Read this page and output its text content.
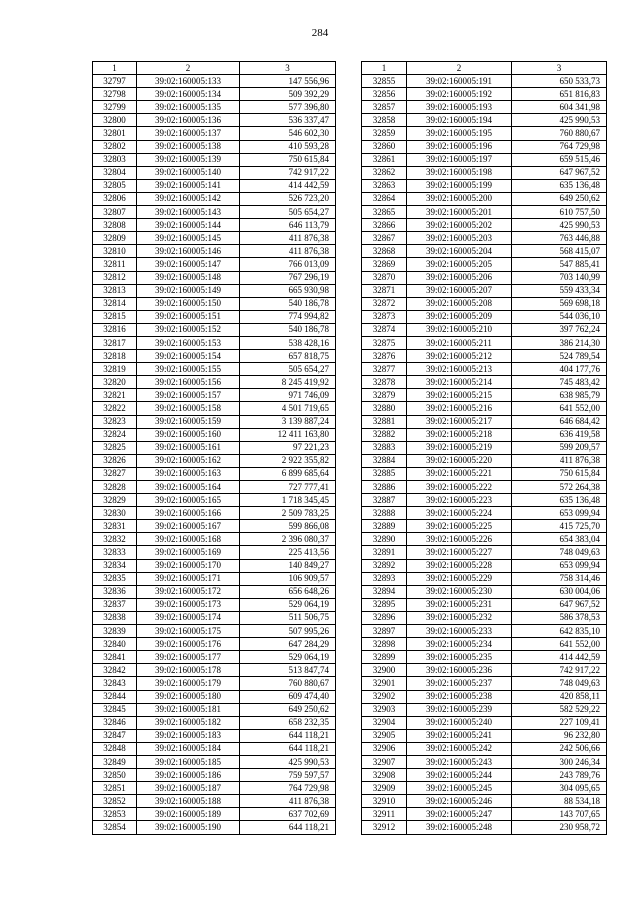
284
1	2	3
32797	39:02:160005:133	147 556,96
32798	39:02:160005:134	509 392,29
32799	39:02:160005:135	577 396,80
32800	39:02:160005:136	536 337,47
32801	39:02:160005:137	546 602,30
32802	39:02:160005:138	410 593,28
32803	39:02:160005:139	750 615,84
32804	39:02:160005:140	742 917,22
32805	39:02:160005:141	414 442,59
32806	39:02:160005:142	526 723,20
32807	39:02:160005:143	505 654,27
32808	39:02:160005:144	646 113,79
32809	39:02:160005:145	411 876,38
32810	39:02:160005:146	411 876,38
32811	39:02:160005:147	766 013,09
32812	39:02:160005:148	767 296,19
32813	39:02:160005:149	665 930,98
32814	39:02:160005:150	540 186,78
32815	39:02:160005:151	774 994,82
32816	39:02:160005:152	540 186,78
32817	39:02:160005:153	538 428,16
32818	39:02:160005:154	657 818,75
32819	39:02:160005:155	505 654,27
32820	39:02:160005:156	8 245 419,92
32821	39:02:160005:157	971 746,09
32822	39:02:160005:158	4 501 719,65
32823	39:02:160005:159	3 139 887,24
32824	39:02:160005:160	12 411 163,80
32825	39:02:160005:161	97 221,23
32826	39:02:160005:162	2 922 355,82
32827	39:02:160005:163	6 899 685,64
32828	39:02:160005:164	727 777,41
32829	39:02:160005:165	1 718 345,45
32830	39:02:160005:166	2 509 783,25
32831	39:02:160005:167	599 866,08
32832	39:02:160005:168	2 396 080,37
32833	39:02:160005:169	225 413,56
32834	39:02:160005:170	140 849,27
32835	39:02:160005:171	106 909,57
32836	39:02:160005:172	656 648,26
32837	39:02:160005:173	529 064,19
32838	39:02:160005:174	511 506,75
32839	39:02:160005:175	507 995,26
32840	39:02:160005:176	647 284,29
32841	39:02:160005:177	529 064,19
32842	39:02:160005:178	513 847,74
32843	39:02:160005:179	760 880,67
32844	39:02:160005:180	609 474,40
32845	39:02:160005:181	649 250,62
32846	39:02:160005:182	658 232,35
32847	39:02:160005:183	644 118,21
32848	39:02:160005:184	644 118,21
32849	39:02:160005:185	425 990,53
32850	39:02:160005:186	759 597,57
32851	39:02:160005:187	764 729,98
32852	39:02:160005:188	411 876,38
32853	39:02:160005:189	637 702,69
32854	39:02:160005:190	644 118,21
1	2	3
32855	39:02:160005:191	650 533,73
32856	39:02:160005:192	651 816,83
32857	39:02:160005:193	604 341,98
32858	39:02:160005:194	425 990,53
32859	39:02:160005:195	760 880,67
32860	39:02:160005:196	764 729,98
32861	39:02:160005:197	659 515,46
32862	39:02:160005:198	647 967,52
32863	39:02:160005:199	635 136,48
32864	39:02:160005:200	649 250,62
32865	39:02:160005:201	610 757,50
32866	39:02:160005:202	425 990,53
32867	39:02:160005:203	763 446,88
32868	39:02:160005:204	568 415,07
32869	39:02:160005:205	547 885,41
32870	39:02:160005:206	703 140,99
32871	39:02:160005:207	559 433,34
32872	39:02:160005:208	569 698,18
32873	39:02:160005:209	544 036,10
32874	39:02:160005:210	397 762,24
32875	39:02:160005:211	386 214,30
32876	39:02:160005:212	524 789,54
32877	39:02:160005:213	404 177,76
32878	39:02:160005:214	745 483,42
32879	39:02:160005:215	638 985,79
32880	39:02:160005:216	641 552,00
32881	39:02:160005:217	646 684,42
32882	39:02:160005:218	636 419,58
32883	39:02:160005:219	599 209,57
32884	39:02:160005:220	411 876,38
32885	39:02:160005:221	750 615,84
32886	39:02:160005:222	572 264,38
32887	39:02:160005:223	635 136,48
32888	39:02:160005:224	653 099,94
32889	39:02:160005:225	415 725,70
32890	39:02:160005:226	654 383,04
32891	39:02:160005:227	748 049,63
32892	39:02:160005:228	653 099,94
32893	39:02:160005:229	758 314,46
32894	39:02:160005:230	630 004,06
32895	39:02:160005:231	647 967,52
32896	39:02:160005:232	586 378,53
32897	39:02:160005:233	642 835,10
32898	39:02:160005:234	641 552,00
32899	39:02:160005:235	414 442,59
32900	39:02:160005:236	742 917,22
32901	39:02:160005:237	748 049,63
32902	39:02:160005:238	420 858,11
32903	39:02:160005:239	582 529,22
32904	39:02:160005:240	227 109,41
32905	39:02:160005:241	96 232,80
32906	39:02:160005:242	242 506,66
32907	39:02:160005:243	300 246,34
32908	39:02:160005:244	243 789,76
32909	39:02:160005:245	304 095,65
32910	39:02:160005:246	88 534,18
32911	39:02:160005:247	143 707,65
32912	39:02:160005:248	230 958,72
